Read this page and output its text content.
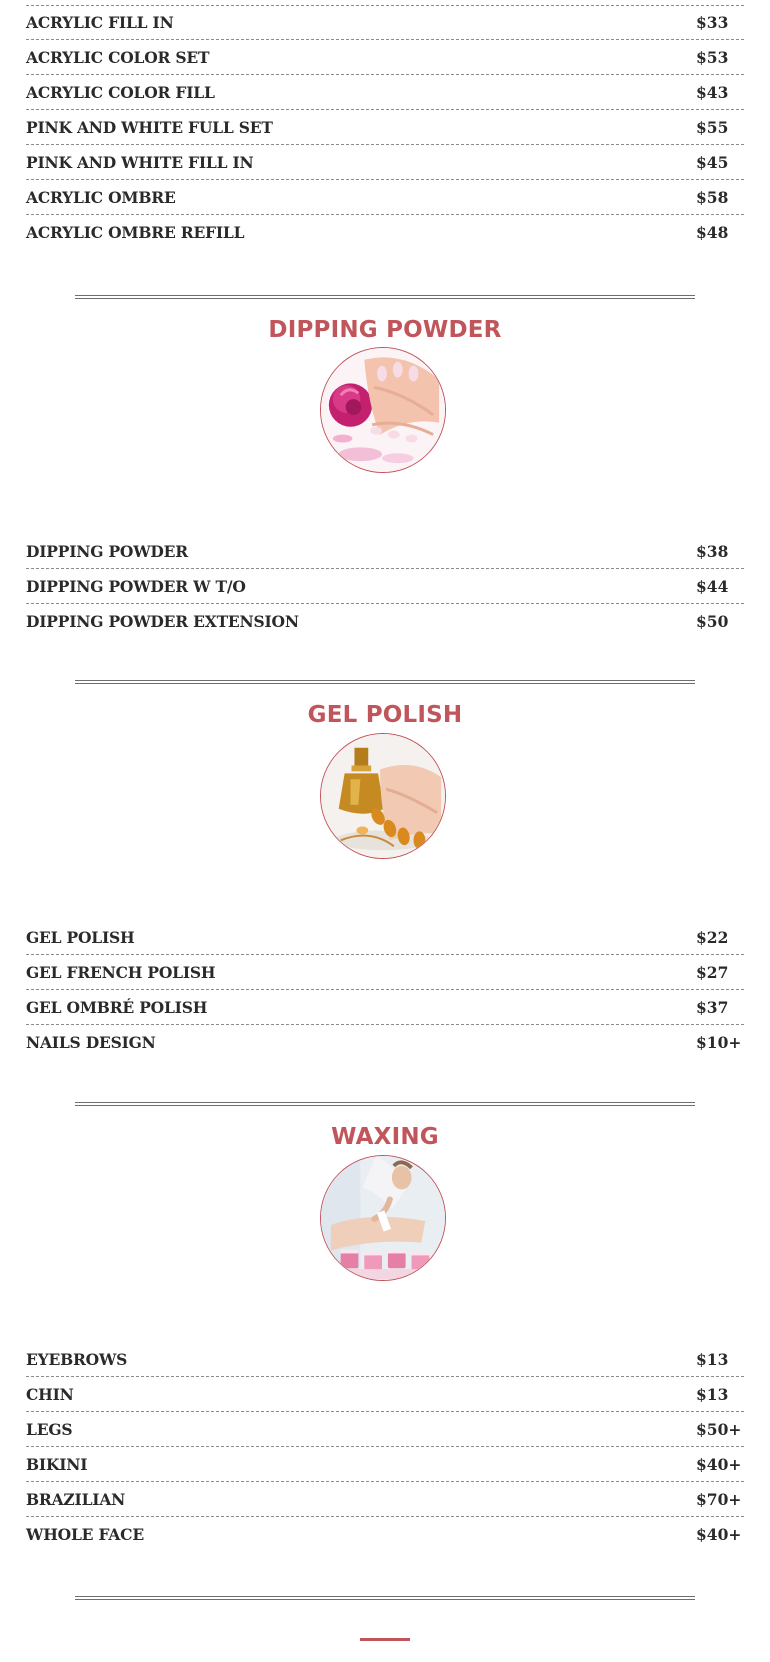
ACRYLIC FILL IN	$33
ACRYLIC COLOR SET	$53
ACRYLIC COLOR FILL	$43
PINK AND WHITE FULL SET	$55
PINK AND WHITE FILL IN	$45
ACRYLIC OMBRE	$58
ACRYLIC OMBRE REFILL	$48
DIPPING POWDER
DIPPING POWDER	$38
DIPPING POWDER W T/O	$44
DIPPING POWDER EXTENSION	$50
GEL POLISH
GEL POLISH	$22
GEL FRENCH POLISH	$27
GEL OMBRÉ POLISH	$37
NAILS DESIGN	$10+
WAXING
EYEBROWS	$13
CHIN	$13
LEGS	$50+
BIKINI	$40+
BRAZILIAN	$70+
WHOLE FACE	$40+
